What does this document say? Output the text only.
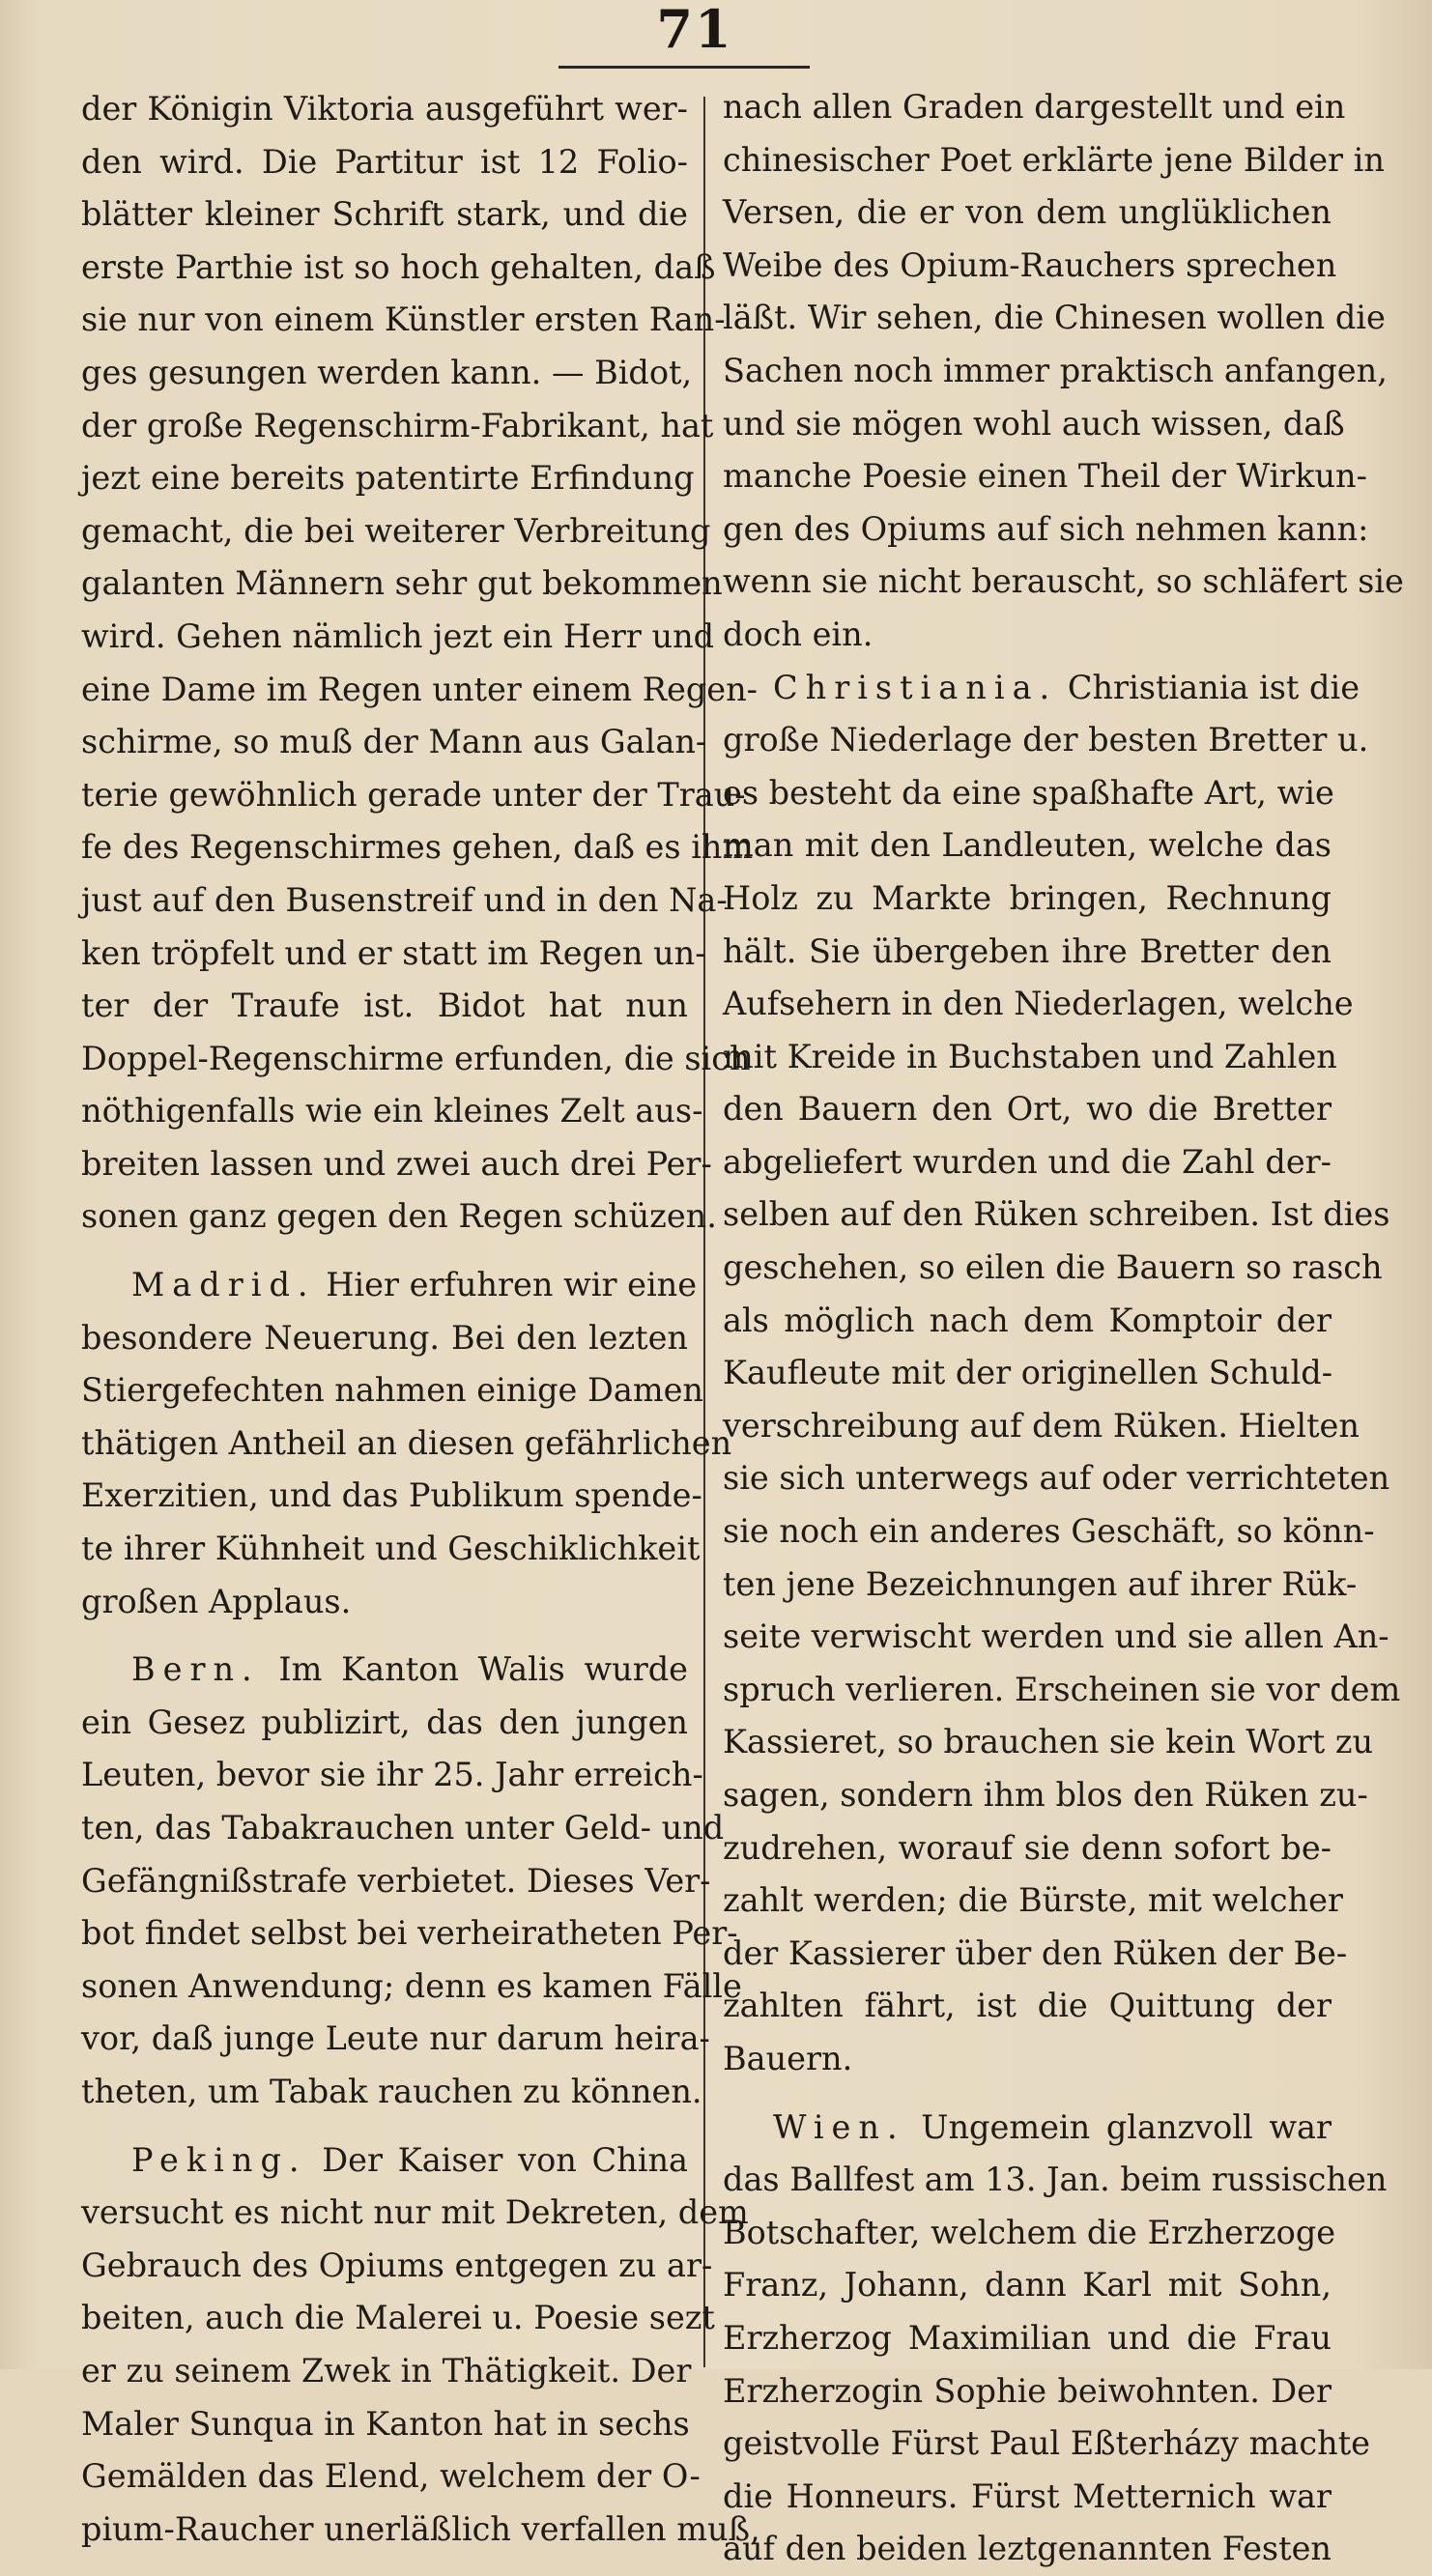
71
der Königin Viktoria ausgeführt wer-
den wird. Die Partitur ist 12 Folio-
blätter kleiner Schrift stark, und die
erste Parthie ist so hoch gehalten, daß
sie nur von einem Künstler ersten Ran-
ges gesungen werden kann. — Bidot,
der große Regenschirm-Fabrikant, hat
jezt eine bereits patentirte Erfindung
gemacht, die bei weiterer Verbreitung
galanten Männern sehr gut bekommen
wird. Gehen nämlich jezt ein Herr und
eine Dame im Regen unter einem Regen-
schirme, so muß der Mann aus Galan-
terie gewöhnlich gerade unter der Trau-
fe des Regenschirmes gehen, daß es ihm
just auf den Busenstreif und in den Na-
ken tröpfelt und er statt im Regen un-
ter der Traufe ist. Bidot hat nun
Doppel-Regenschirme erfunden, die sich
nöthigenfalls wie ein kleines Zelt aus-
breiten lassen und zwei auch drei Per-
sonen ganz gegen den Regen schüzen.
Madrid. Hier erfuhren wir eine
besondere Neuerung. Bei den lezten
Stiergefechten nahmen einige Damen
thätigen Antheil an diesen gefährlichen
Exerzitien, und das Publikum spende-
te ihrer Kühnheit und Geschiklichkeit
großen Applaus.
Bern. Im Kanton Walis wurde
ein Gesez publizirt, das den jungen
Leuten, bevor sie ihr 25. Jahr erreich-
ten, das Tabakrauchen unter Geld- und
Gefängnißstrafe verbietet. Dieses Ver-
bot findet selbst bei verheiratheten Per-
sonen Anwendung; denn es kamen Fälle
vor, daß junge Leute nur darum heira-
theten, um Tabak rauchen zu können.
Peking. Der Kaiser von China
versucht es nicht nur mit Dekreten, dem
Gebrauch des Opiums entgegen zu ar-
beiten, auch die Malerei u. Poesie sezt
er zu seinem Zwek in Thätigkeit. Der
Maler Sunqua in Kanton hat in sechs
Gemälden das Elend, welchem der O-
pium-Raucher unerläßlich verfallen muß,
nach allen Graden dargestellt und ein
chinesischer Poet erklärte jene Bilder in
Versen, die er von dem unglüklichen
Weibe des Opium-Rauchers sprechen
läßt. Wir sehen, die Chinesen wollen die
Sachen noch immer praktisch anfangen,
und sie mögen wohl auch wissen, daß
manche Poesie einen Theil der Wirkun-
gen des Opiums auf sich nehmen kann:
wenn sie nicht berauscht, so schläfert sie
doch ein.
Christiania. Christiania ist die
große Niederlage der besten Bretter u.
es besteht da eine spaßhafte Art, wie
man mit den Landleuten, welche das
Holz zu Markte bringen, Rechnung
hält. Sie übergeben ihre Bretter den
Aufsehern in den Niederlagen, welche
mit Kreide in Buchstaben und Zahlen
den Bauern den Ort, wo die Bretter
abgeliefert wurden und die Zahl der-
selben auf den Rüken schreiben. Ist dies
geschehen, so eilen die Bauern so rasch
als möglich nach dem Komptoir der
Kaufleute mit der originellen Schuld-
verschreibung auf dem Rüken. Hielten
sie sich unterwegs auf oder verrichteten
sie noch ein anderes Geschäft, so könn-
ten jene Bezeichnungen auf ihrer Rük-
seite verwischt werden und sie allen An-
spruch verlieren. Erscheinen sie vor dem
Kassieret, so brauchen sie kein Wort zu
sagen, sondern ihm blos den Rüken zu-
zudrehen, worauf sie denn sofort be-
zahlt werden; die Bürste, mit welcher
der Kassierer über den Rüken der Be-
zahlten fährt, ist die Quittung der
Bauern.
Wien. Ungemein glanzvoll war
das Ballfest am 13. Jan. beim russischen
Botschafter, welchem die Erzherzoge
Franz, Johann, dann Karl mit Sohn,
Erzherzog Maximilian und die Frau
Erzherzogin Sophie beiwohnten. Der
geistvolle Fürst Paul Eßterházy machte
die Honneurs. Fürst Metternich war
auf den beiden leztgenannten Festen
